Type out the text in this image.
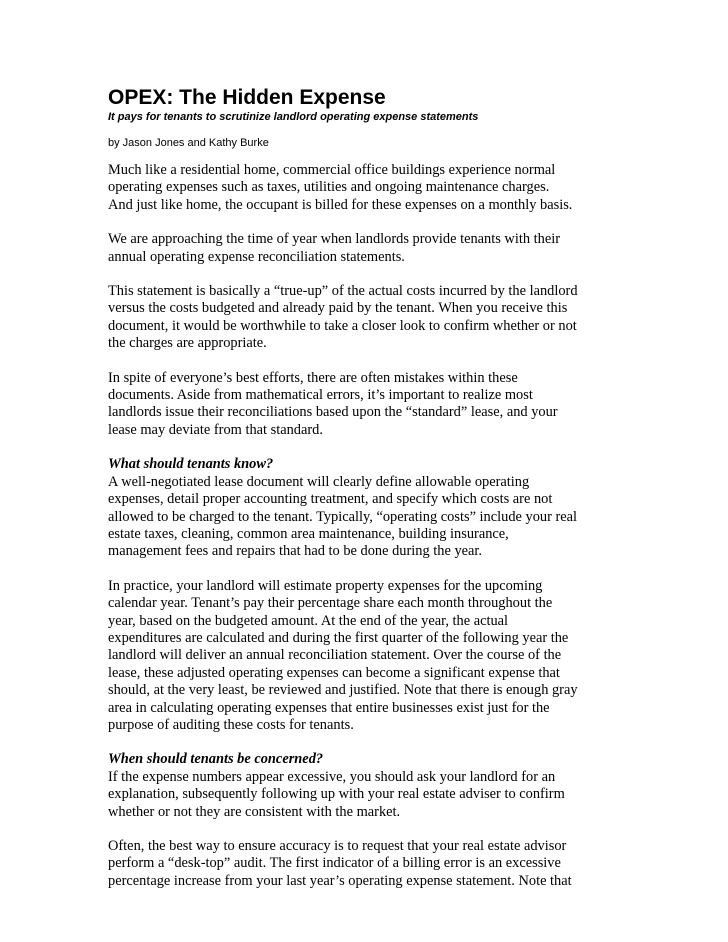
OPEX: The Hidden Expense
It pays for tenants to scrutinize landlord operating expense statements
by Jason Jones and Kathy Burke

Much like a residential home, commercial office buildings experience normal
operating expenses such as taxes, utilities and ongoing maintenance charges.
And just like home, the occupant is billed for these expenses on a monthly basis.

We are approaching the time of year when landlords provide tenants with their
annual operating expense reconciliation statements.

This statement is basically a “true-up” of the actual costs incurred by the landlord
versus the costs budgeted and already paid by the tenant. When you receive this
document, it would be worthwhile to take a closer look to confirm whether or not
the charges are appropriate.

In spite of everyone’s best efforts, there are often mistakes within these
documents. Aside from mathematical errors, it’s important to realize most
landlords issue their reconciliations based upon the “standard” lease, and your
lease may deviate from that standard.

What should tenants know?

A well-negotiated lease document will clearly define allowable operating
expenses, detail proper accounting treatment, and specify which costs are not
allowed to be charged to the tenant. Typically, “operating costs” include your real
estate taxes, cleaning, common area maintenance, building insurance,
management fees and repairs that had to be done during the year.

In practice, your landlord will estimate property expenses for the upcoming
calendar year. Tenant’s pay their percentage share each month throughout the
year, based on the budgeted amount. At the end of the year, the actual
expenditures are calculated and during the first quarter of the following year the
landlord will deliver an annual reconciliation statement. Over the course of the
lease, these adjusted operating expenses can become a significant expense that
should, at the very least, be reviewed and justified. Note that there is enough gray
area in calculating operating expenses that entire businesses exist just for the
purpose of auditing these costs for tenants.

When should tenants be concerned?

If the expense numbers appear excessive, you should ask your landlord for an
explanation, subsequently following up with your real estate adviser to confirm
whether or not they are consistent with the market.

Often, the best way to ensure accuracy is to request that your real estate advisor
perform a “desk-top” audit. The first indicator of a billing error is an excessive
percentage increase from your last year’s operating expense statement. Note that
